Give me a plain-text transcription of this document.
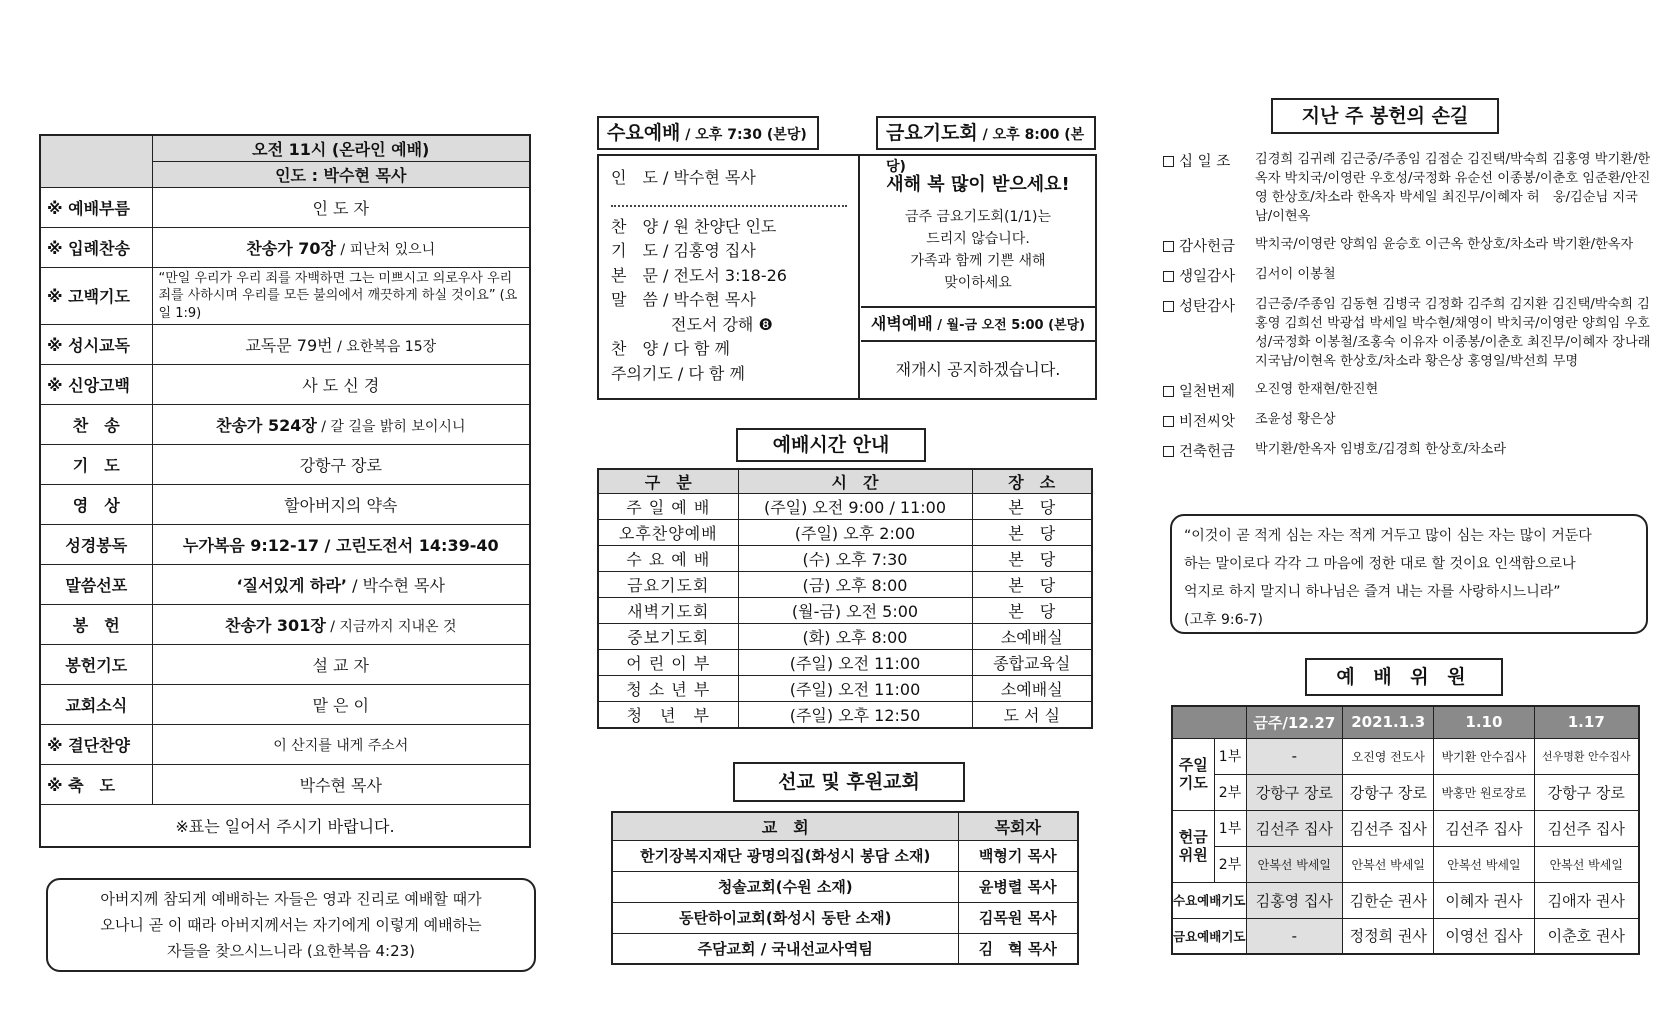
	오전 11시 (온라인 예배)
	인도 : 박수현 목사
※ 예배부름	인 도 자
※ 입례찬송	찬송가 70장 / 피난처 있으니
※ 고백기도	“만일 우리가 우리 죄를 자백하면 그는 미쁘시고 의로우사 우리 죄를 사하시며 우리를 모든 불의에서 깨끗하게 하실 것이요” (요일 1:9)
※ 성시교독	교독문 79번 / 요한복음 15장
※ 신앙고백	사 도 신 경
찬　송	찬송가 524장 / 갈 길을 밝히 보이시니
기　도	강항구 장로
영　상	할아버지의 약속
성경봉독	누가복음 9:12-17 / 고린도전서 14:39-40
말씀선포	‘질서있게 하라’ / 박수현 목사
봉　헌	찬송가 301장 / 지금까지 지내온 것
봉헌기도	설 교 자
교회소식	맡 은 이
※ 결단찬양	이 산지를 내게 주소서
※ 축　도	박수현 목사
※표는 일어서 주시기 바랍니다.	
아버지께 참되게 예배하는 자들은 영과 진리로 예배할 때가
오나니 곧 이 때라 아버지께서는 자기에게 이렇게 예배하는
자들을 찾으시느니라 (요한복음 4:23)
수요예배 / 오후 7:30 (본당)	금요기도회 / 오후 8:00 (본당)
인　도 / 박수현 목사
찬　양 / 원 찬양단 인도
기　도 / 김홍영 집사
본　문 / 전도서 3:18-26
말　씀 / 박수현 목사
전도서 강해 ❽
찬　양 / 다 함 께
주의기도 / 다 함 께
새해 복 많이 받으세요!
금주 금요기도회(1/1)는
드리지 않습니다.
가족과 함께 기쁜 새해
맞이하세요
새벽예배 / 월-금 오전 5:00 (본당)
재개시 공지하겠습니다.
예배시간 안내
구　분	시　간	장　소
주 일 예 배	(주일) 오전 9:00 / 11:00	본　당
오후찬양예배	(주일) 오후 2:00	본　당
수 요 예 배	(수) 오후 7:30	본　당
금요기도회	(금) 오후 8:00	본　당
새벽기도회	(월-금) 오전 5:00	본　당
중보기도회	(화) 오후 8:00	소예배실
어 린 이 부	(주일) 오전 11:00	종합교육실
청 소 년 부	(주일) 오전 11:00	소예배실
청　년　부	(주일) 오후 12:50	도 서 실
선교 및 후원교회
교　회	목회자
한기장복지재단 광명의집(화성시 봉담 소재)	백형기 목사
청솔교회(수원 소재)	윤병렬 목사
동탄하이교회(화성시 동탄 소재)	김목원 목사
주담교회 / 국내선교사역팀	김　혁 목사
지난 주 봉헌의 손길
십 일 조	김경희 김귀례 김근중/주종임 김점순 김진택/박숙희 김홍영 박기환/한옥자 박치국/이영란 우호성/국정화 유순선 이종봉/이춘호 임준환/안진영 한상호/차소라 한옥자 박세일 최진무/이혜자 허　웅/김순님 지국남/이현옥
감사헌금	박치국/이영란 양희임 윤승호 이근옥 한상호/차소라 박기환/한옥자
생일감사	김서이 이봉철
성탄감사	김근중/주종임 김동현 김병국 김정화 김주희 김지환 김진택/박숙희 김홍영 김희선 박광섭 박세일 박수현/채영이 박치국/이영란 양희임 우호성/국정화 이봉철/조홍숙 이유자 이종봉/이춘호 최진무/이혜자 장나래 지국남/이현옥 한상호/차소라 황은상 홍영일/박선희 무명
일천번제	오진영 한재현/한진현
비전씨앗	조윤성 황은상
건축헌금	박기환/한옥자 임병호/김경희 한상호/차소라
“이것이 곧 적게 심는 자는 적게 거두고 많이 심는 자는 많이 거둔다
하는 말이로다 각각 그 마음에 정한 대로 할 것이요 인색함으로나
억지로 하지 말지니 하나님은 즐겨 내는 자를 사랑하시느니라”
(고후 9:6-7)
예 배 위 원
		금주/12.27	2021.1.3	1.10	1.17
주일기도	1부	-	오진영 전도사	박기환 안수집사	선우명환 안수집사
	2부	강항구 장로	강항구 장로	박홍만 원로장로	강항구 장로
헌금위원	1부	김선주 집사	김선주 집사	김선주 집사	김선주 집사
	2부	안복선 박세일	안복선 박세일	안복선 박세일	안복선 박세일
수요예배기도		김홍영 집사	김한순 권사	이혜자 권사	김애자 권사
금요예배기도		-	정정희 권사	이영선 집사	이춘호 권사
